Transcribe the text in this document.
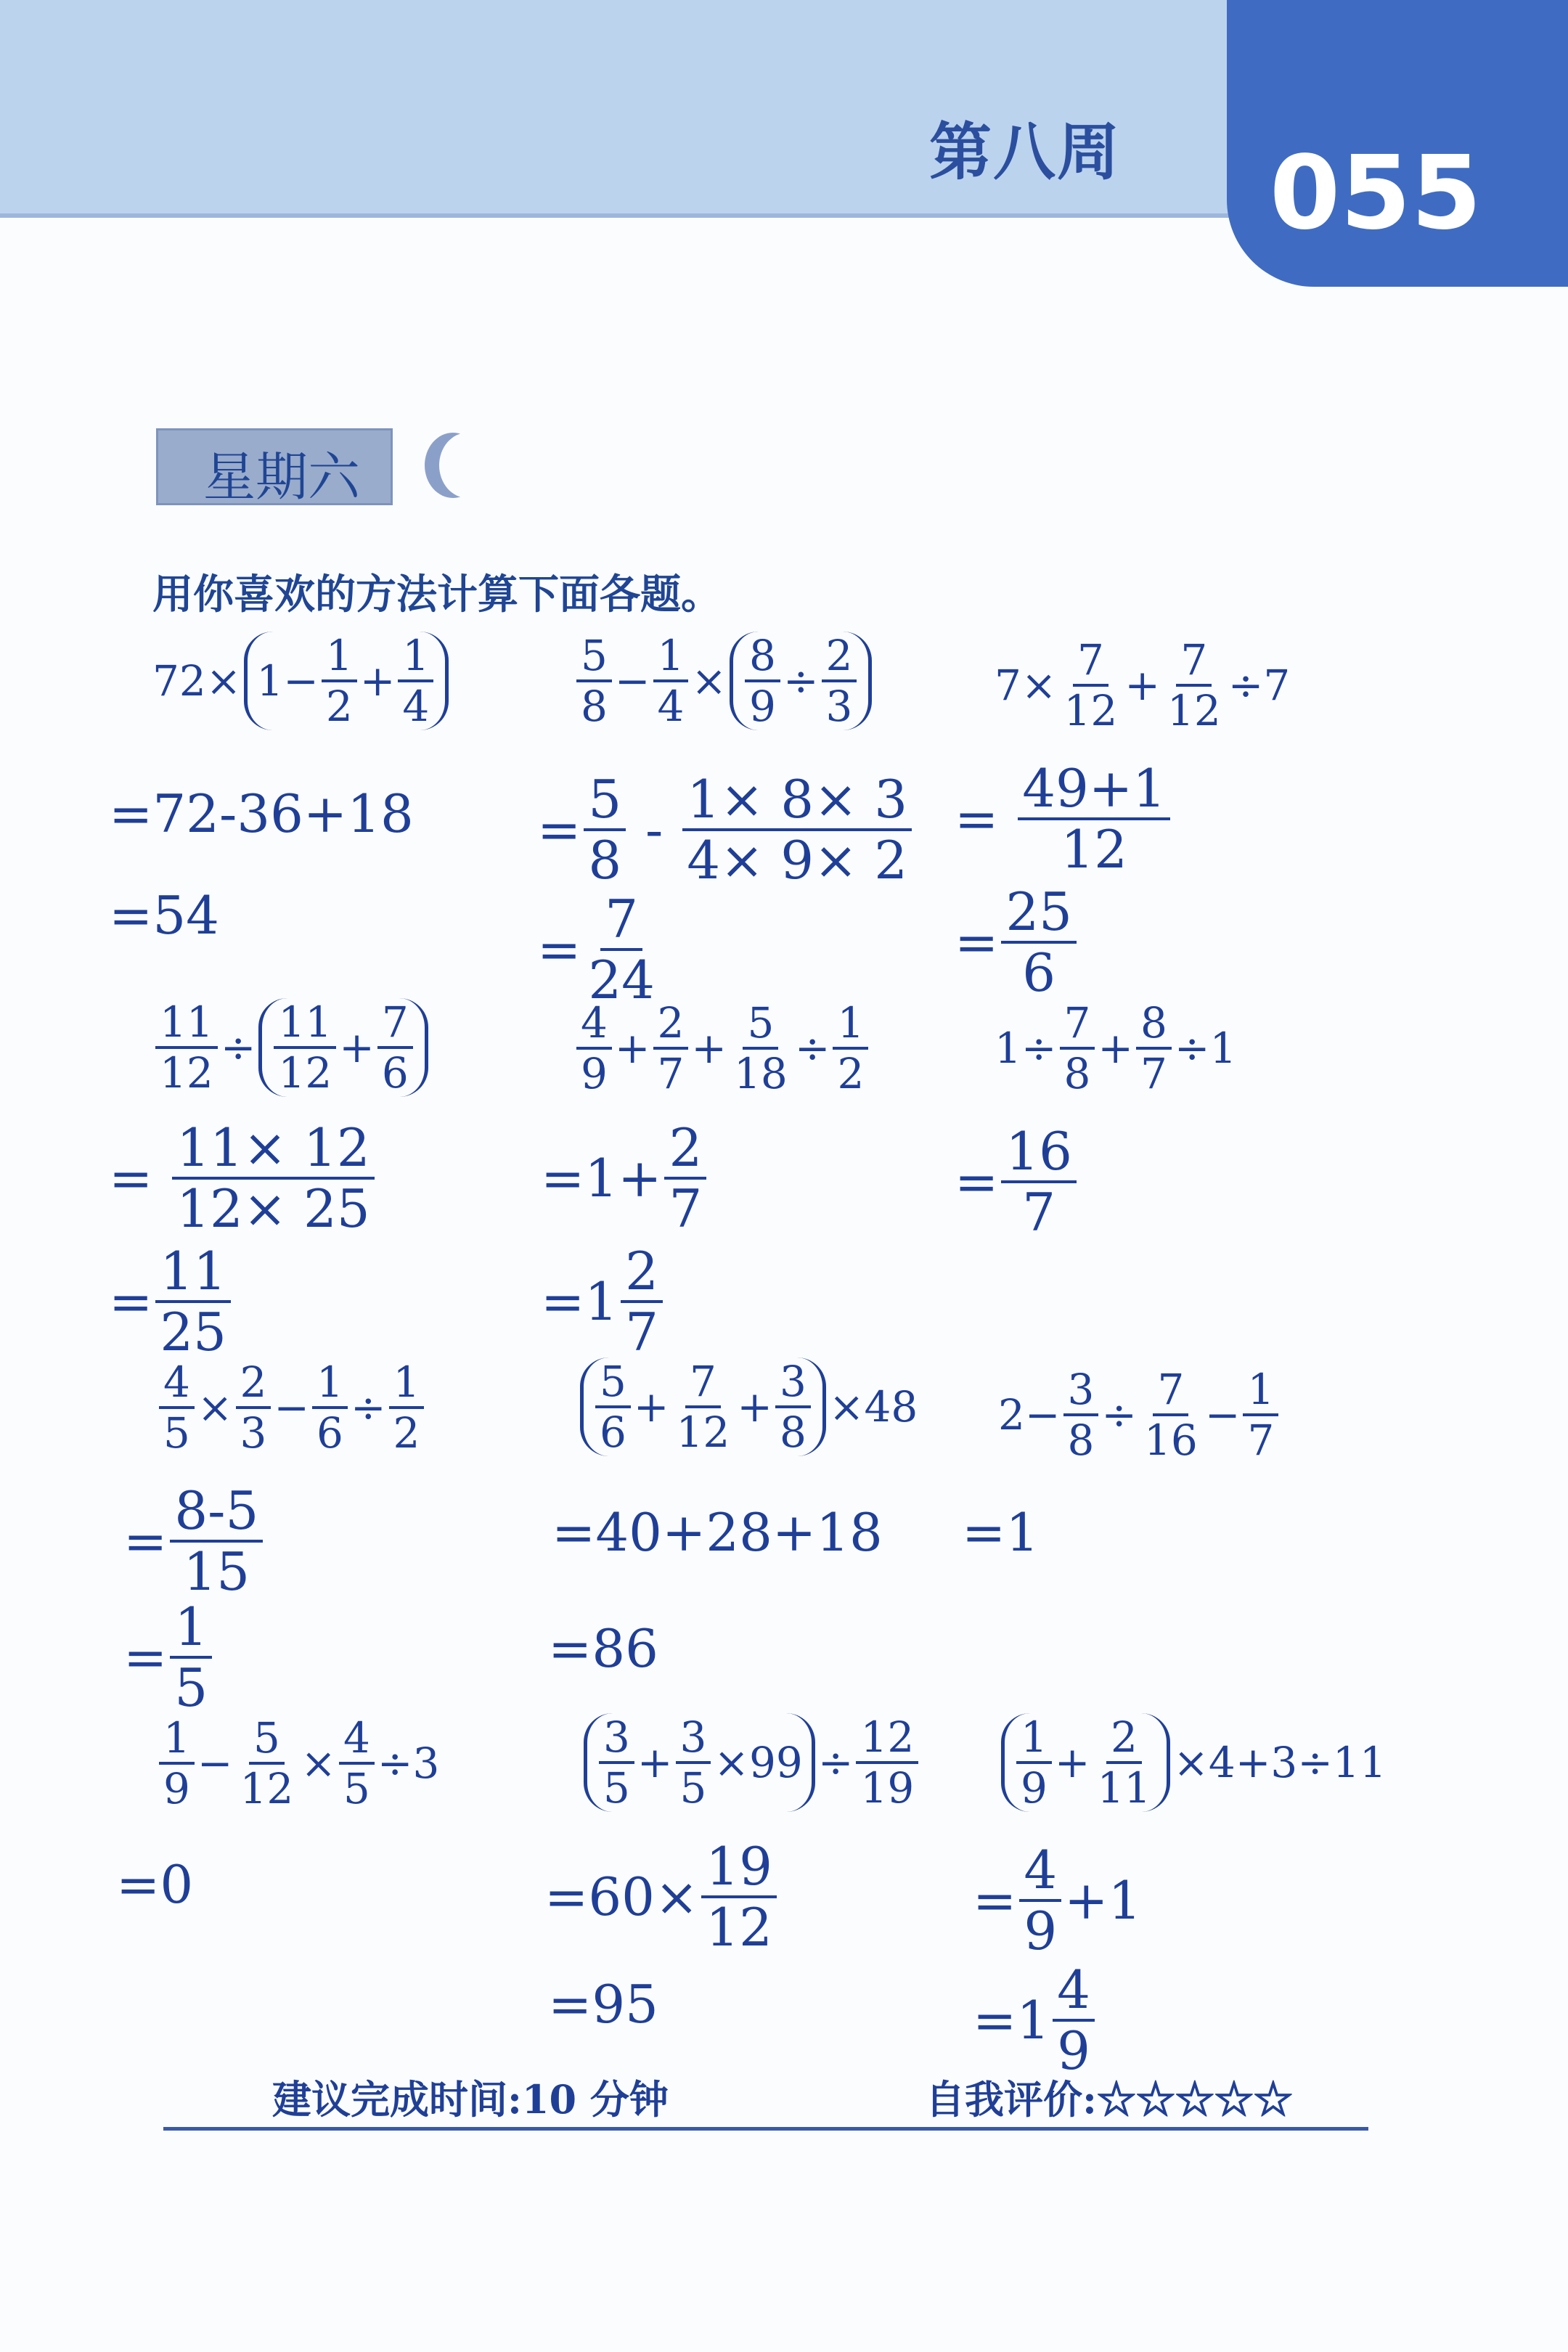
第八周	055
星期六
用你喜欢的方法计算下面各题。
$72\times 1- \frac{1}{2} + \frac{1}{4}$
=72-36+18
=54
$\frac{5}{8} - \frac{1}{4} \times \frac{8}{9} \div \frac{2}{3}$
= $\frac{5}{8} - \frac{1\times 8\times 3}{4\times 9\times 2}$
= $\frac{7}{24}$
$7\times \frac{7}{12} + \frac{7}{12} \div 7$
= $\frac{49+1}{12}$
= $\frac{25}{6}$
$\frac{11}{12} \div \frac{11}{12} + \frac{7}{6}$
= $\frac{11\times 12}{12\times 25}$
= $\frac{11}{25}$
$\frac{4}{9} + \frac{2}{7} + \frac{5}{18} \div \frac{1}{2}$
$=1+ \frac{2}{7}$
$=1 \frac{2}{7}$
$1\div \frac{7}{8} + \frac{8}{7} \div 1$
= $\frac{16}{7}$
$\frac{4}{5} \times \frac{2}{3} - \frac{1}{6} \div \frac{1}{2}$
= $\frac{8-5}{15}$
= $\frac{1}{5}$
$\frac{5}{6} + \frac{7}{12} + \frac{3}{8} \times 48$
=40+28+18
=86
$2- \frac{3}{8} \div \frac{7}{16} - \frac{1}{7}$
=1
$\frac{1}{9} - \frac{5}{12} \times \frac{4}{5} \div 3$
=0
$\frac{3}{5} + \frac{3}{5} \times 99 \div \frac{12}{19}$
$=60\times \frac{19}{12}$
=95
$\frac{1}{9} + \frac{2}{11} \times 4+3\div 11$
= $\frac{4}{9} +1$
$=1 \frac{4}{9}$
建议完成时间:10 分钟	自我评价:☆☆☆☆☆
